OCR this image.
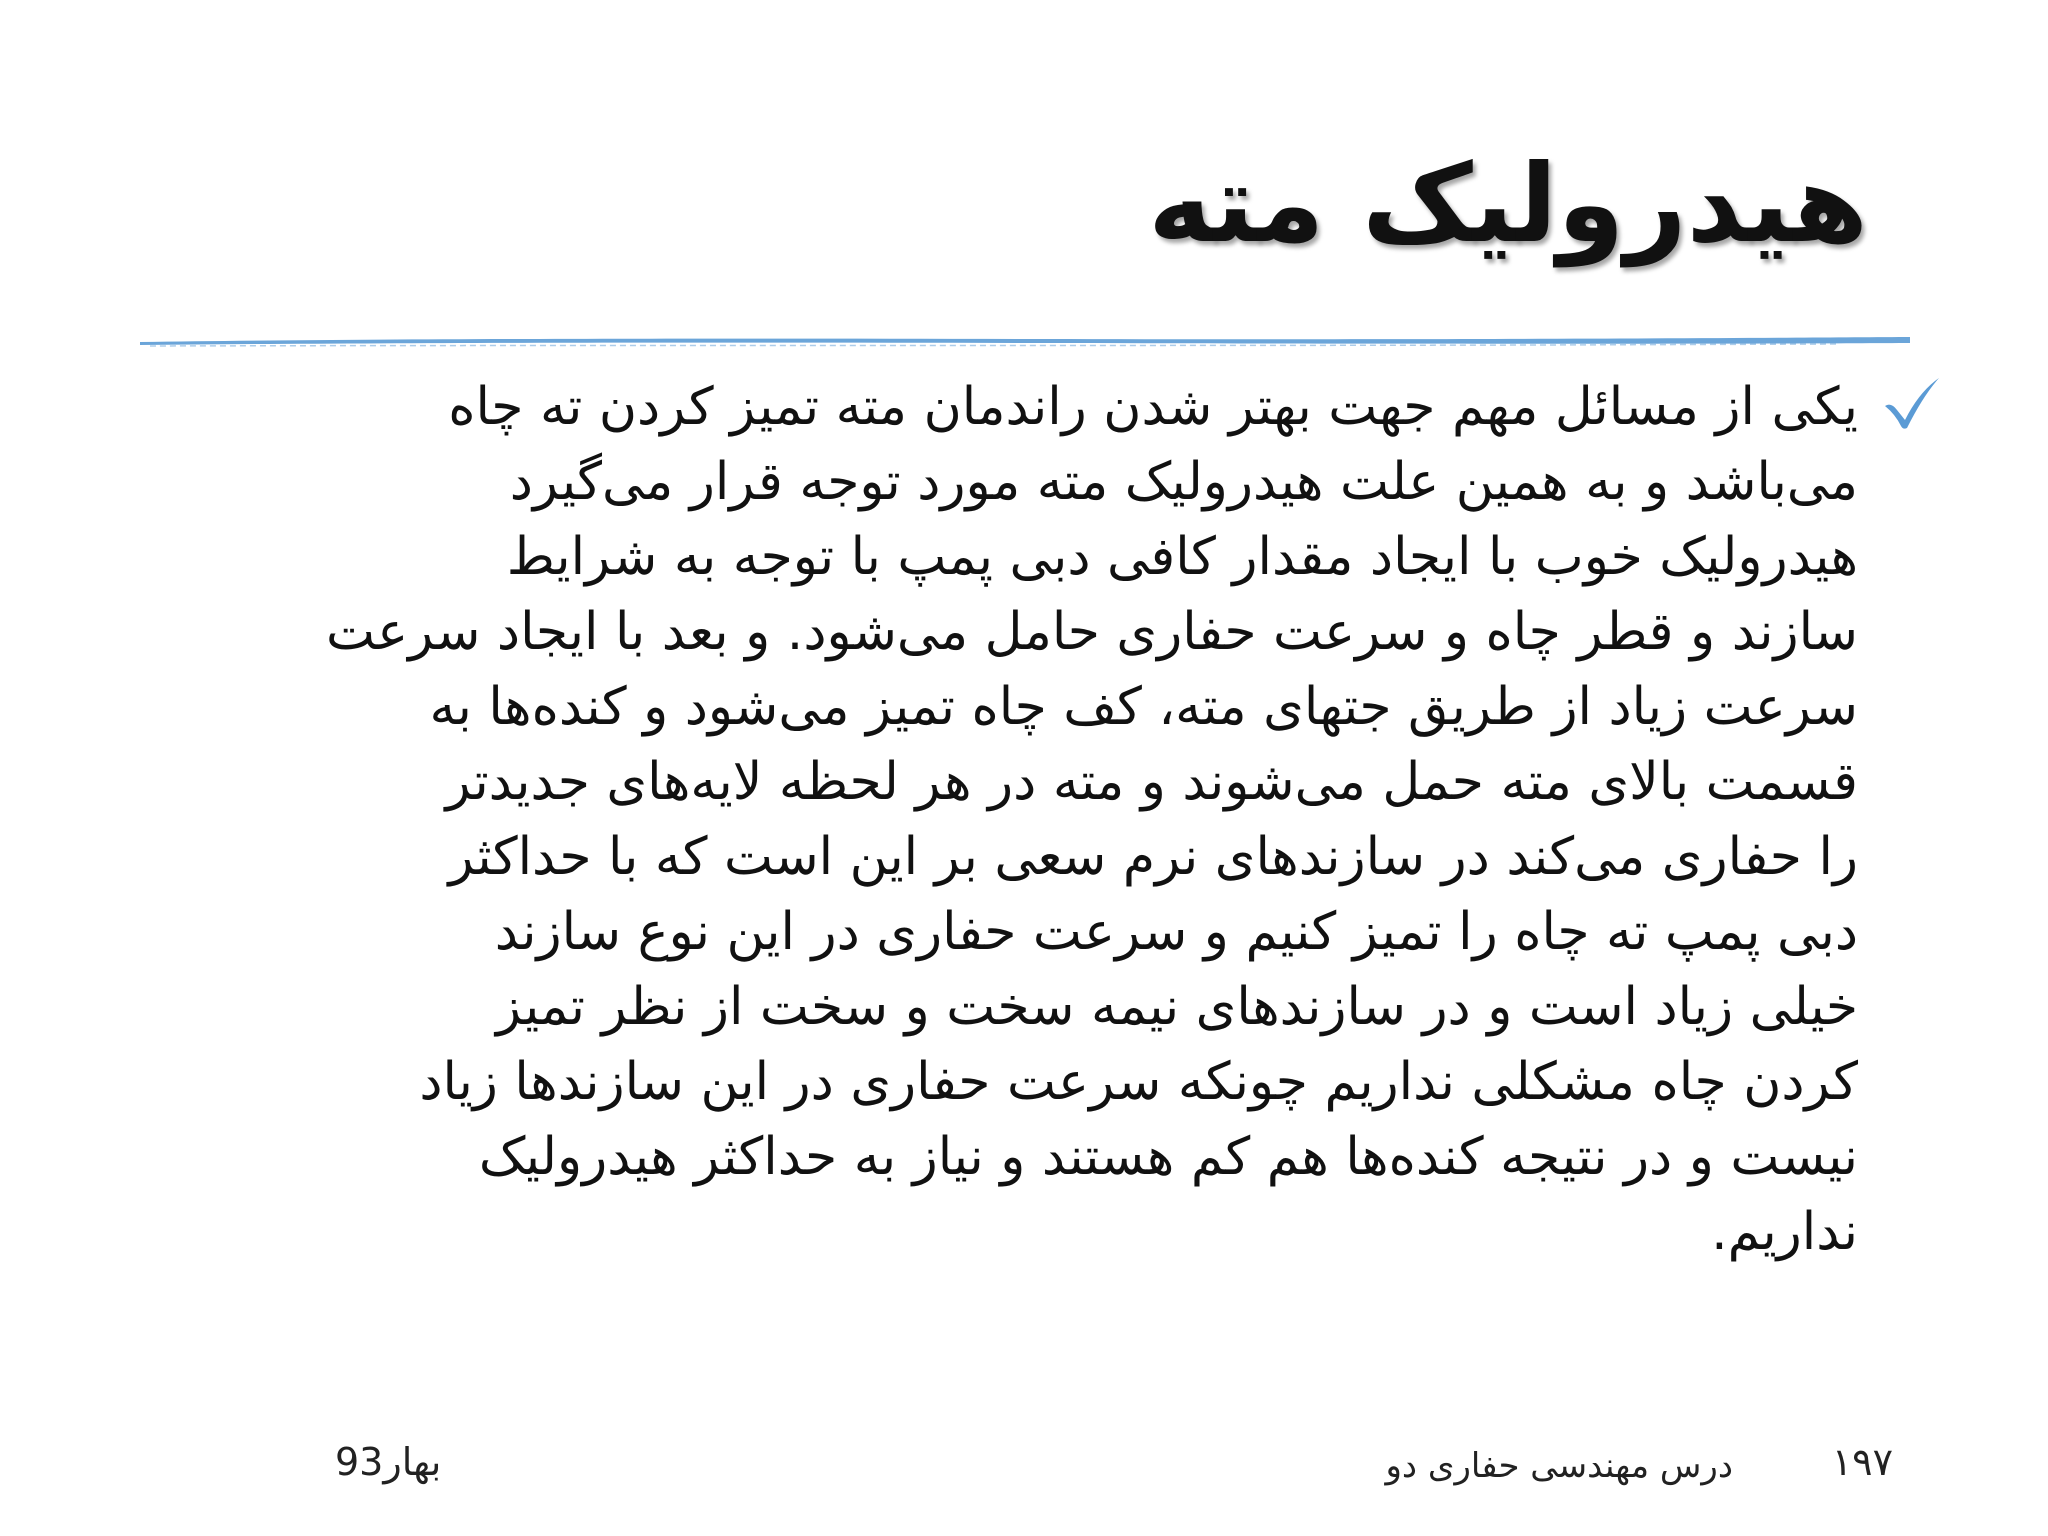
هیدرولیک مته
یکی از مسائل مهم جهت بهتر شدن راندمان مته تمیز کردن ته چاه
می‌باشد و به همین علت هیدرولیک مته مورد توجه قرار می‌گیرد
هیدرولیک خوب با ایجاد مقدار کافی دبی پمپ با توجه به شرایط
سازند و قطر چاه و سرعت حفاری حامل می‌شود. و بعد با ایجاد سرعت
سرعت زیاد از طریق جتهای مته، کف چاه تمیز می‌شود و کنده‌ها به
قسمت بالای مته حمل می‌شوند و مته در هر لحظه لایه‌های جدیدتر
را حفاری می‌کند در سازندهای نرم سعی بر این است که با حداکثر
دبی پمپ ته چاه را تمیز کنیم و سرعت حفاری در این نوع سازند
خیلی زیاد است و در سازندهای نیمه سخت و سخت از نظر تمیز
کردن چاه مشکلی نداریم چونکه سرعت حفاری در این سازندها زیاد
نیست و در نتیجه کنده‌ها هم کم هستند و نیاز به حداکثر هیدرولیک
نداریم.
۱۹۷
درس مهندسی حفاری دو
بهار93
